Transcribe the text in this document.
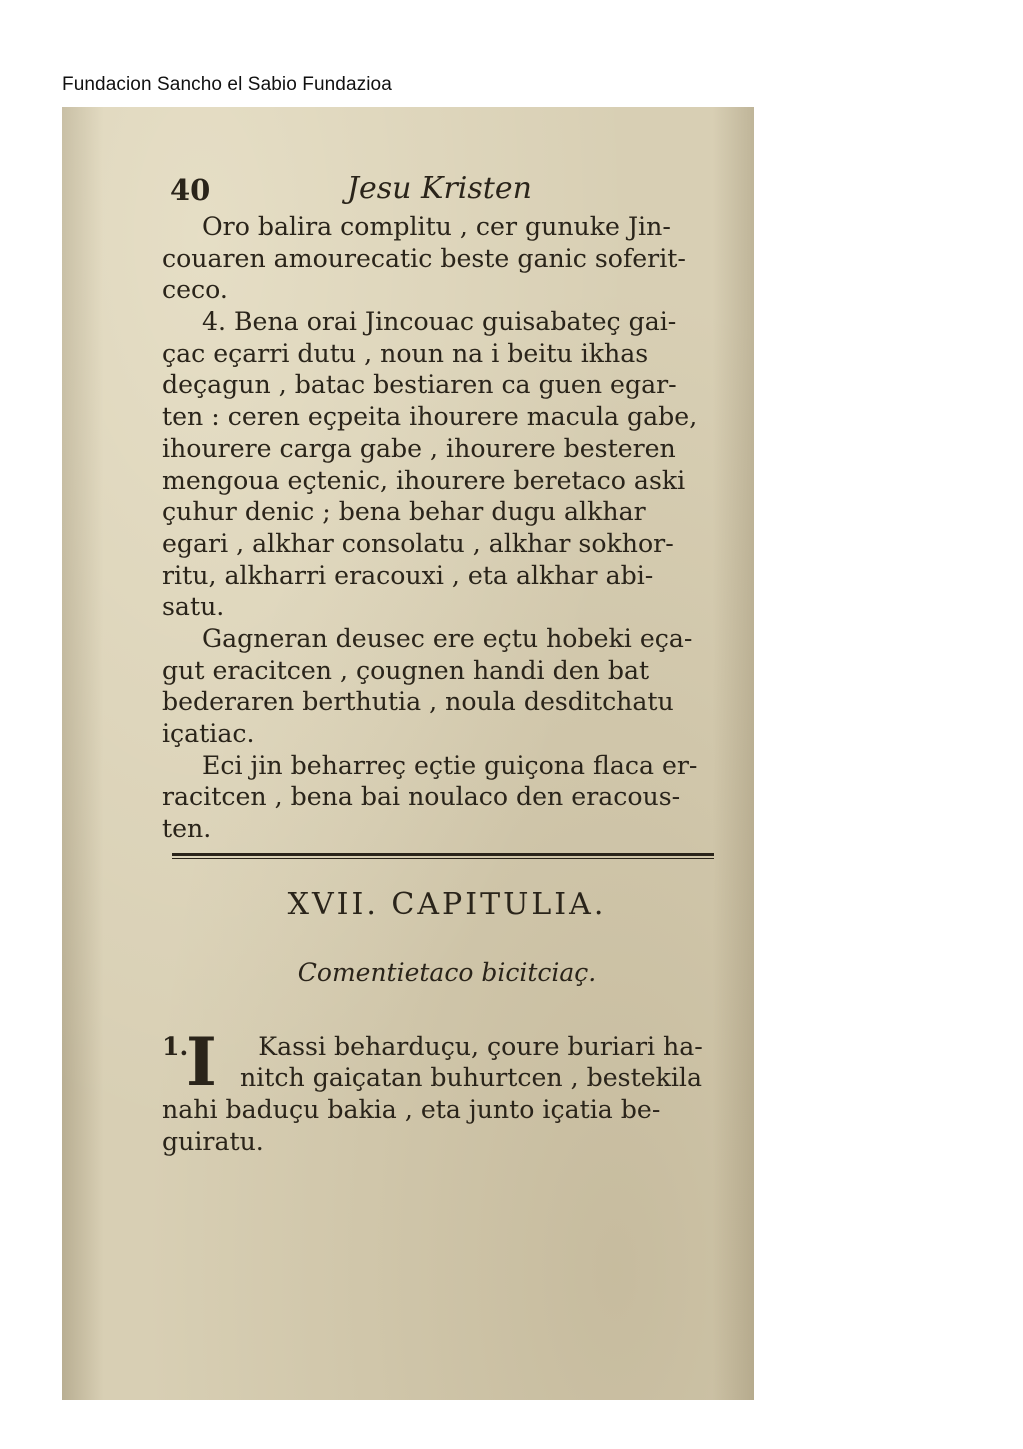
Fundacion Sancho el Sabio Fundazioa
40	Jesu Kristen
Oro balira complitu , cer gunuke Jin-
couaren amourecatic beste ganic soferit-
ceco.
4. Bena orai Jincouac guisabateç gai-
çac eçarri dutu , noun na i beitu ikhas
deçagun , batac bestiaren ca guen egar-
ten : ceren eçpeita ihourere macula gabe,
ihourere carga gabe , ihourere besteren
mengoua eçtenic, ihourere beretaco aski
çuhur denic ; bena behar dugu alkhar
egari , alkhar consolatu , alkhar sokhor-
ritu, alkharri eracouxi , eta alkhar abi-
satu.
Gagneran deusec ere eçtu hobeki eça-
gut eracitcen , çougnen handi den bat
bederaren berthutia , noula desditchatu
içatiac.
Eci jin beharreç eçtie guiçona flaca er-
racitcen , bena bai noulaco den eracous-
ten.
XVII. CAPITULIA.
Comentietaco bicitciaç.
I
1.	Kassi beharduçu, çoure buriari ha-
nitch gaiçatan buhurtcen , bestekila
nahi baduçu bakia , eta junto içatia be-
guiratu.
